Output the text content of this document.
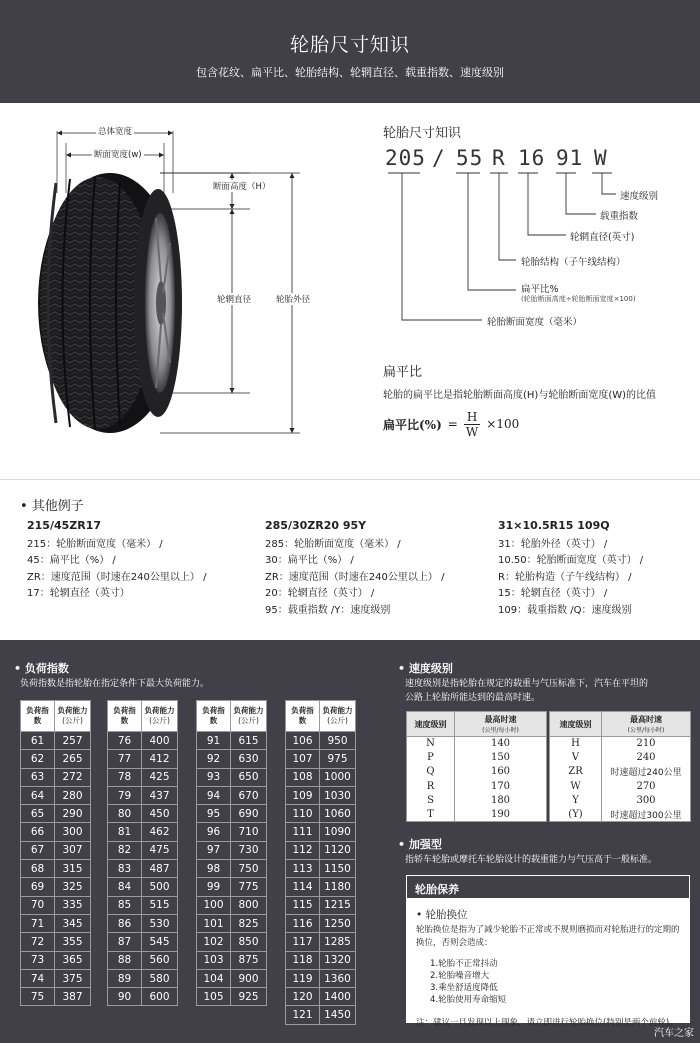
轮胎尺寸知识
包含花纹、扁平比、轮胎结构、轮辋直径、载重指数、速度级别
总体宽度
断面宽度(w)
断面高度（H）
轮辋直径	轮胎外径
轮胎尺寸知识
205 / 55 R 16 91 W
速度级别
载重指数
轮辋直径(英寸)
轮胎结构（子午线结构）
扁平比%
(轮胎断面高度÷轮胎断面宽度×100)
轮胎断面宽度（毫米）
扁平比
轮胎的扁平比是指轮胎断面高度(H)与轮胎断面宽度(W)的比值
扁平比(%) = $\frac{H}{W} \times 100$
• 其他例子
215/45ZR17
215：轮胎断面宽度（毫米） /
45：扁平比（%） /
ZR：速度范围（时速在240公里以上） /
17：轮辋直径（英寸）
285/30ZR20 95Y
285：轮胎断面宽度（毫米） /
30：扁平比（%） /
ZR：速度范围（时速在240公里以上） /
20：轮辋直径（英寸） /
95：载重指数 /Y：速度级别
31×10.5R15 109Q
31：轮胎外径（英寸） /
10.50：轮胎断面宽度（英寸） /
R：轮胎构造（子午线结构） /
15：轮辋直径（英寸） /
109：载重指数 /Q：速度级别
• 负荷指数
负荷指数是指轮胎在指定条件下最大负荷能力。
• 速度级别
速度级别是指轮胎在规定的载重与气压标准下，汽车在平坦的公路上轮胎所能达到的最高时速。
• 加强型
指轿车轮胎或摩托车轮胎设计的载重能力与气压高于一般标准。
负荷指数	负荷能力
(公斤)
61	257
62	265
63	272
64	280
65	290
66	300
67	307
68	315
69	325
70	335
71	345
72	355
73	365
74	375
75	387
负荷指数	负荷能力
(公斤)
76	400
77	412
78	425
79	437
80	450
81	462
82	475
83	487
84	500
85	515
86	530
87	545
88	560
89	580
90	600
负荷指数	负荷能力
(公斤)
91	615
92	630
93	650
94	670
95	690
96	710
97	730
98	750
99	775
100	800
101	825
102	850
103	875
104	900
105	925
负荷指数	负荷能力
(公斤)
106	950
107	975
108	1000
109	1030
110	1060
111	1090
112	1120
113	1150
114	1180
115	1215
116	1250
117	1285
118	1320
119	1360
120	1400
121	1450
速度级别	最高时速
(公里/每小时)

N	140
P	150
Q	160
R	170
S	180
T	190
速度级别	最高时速
(公里/每小时)

H	210
V	240
ZR	时速超过240公里
W	270
Y	300
(Y)	时速超过300公里
轮胎保养
• 轮胎换位
轮胎换位是指为了减少轮胎不正常或不规则磨损而对轮胎进行的定期的换位，否则会造成：
1.轮胎不正常抖动
2.轮胎噪音增大
3.乘坐舒适度降低
4.轮胎使用寿命缩短
注：建议一旦发现以上现象，请立即进行轮胎换位(特别是两个前轮)。
汽车之家
